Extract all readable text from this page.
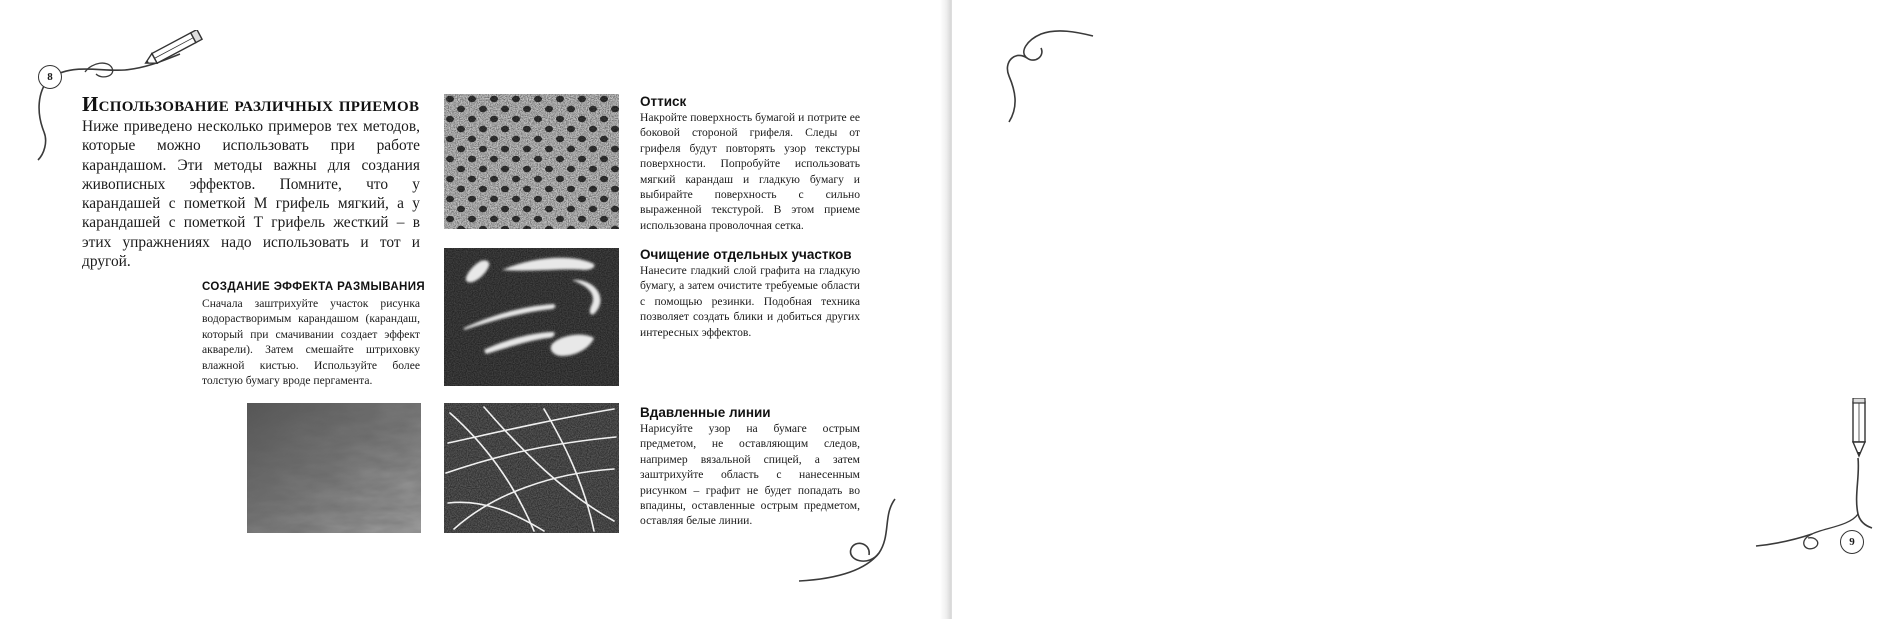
8
Использование различных приемов

Ниже приведено несколько примеров тех методов, которые можно использовать при работе карандашом. Эти методы важны для создания живописных эффектов. Помните, что у карандашей с пометкой М грифель мягкий, а у карандашей с пометкой Т грифель жесткий – в этих упражнениях надо использовать и тот и другой.

СОЗДАНИЕ ЭФФЕКТА РАЗМЫВАНИЯ

Сначала заштрихуйте участок рисунка водорастворимым карандашом (карандаш, который при смачивании создает эффект акварели). Затем смешайте штриховку влажной кистью. Используйте более толстую бумагу вроде пергамента.

Оттиск

Накройте поверхность бумагой и потрите ее боковой стороной грифеля. Следы от грифеля будут повторять узор текстуры поверхности. Попробуйте использовать мягкий карандаш и гладкую бумагу и выбирайте поверхность с сильно выраженной текстурой. В этом приеме использована проволочная сетка.

Очищение отдельных участков

Нанесите гладкий слой графита на гладкую бумагу, а затем очистите требуемые области с помощью резинки. Подобная техника позволяет создать блики и добиться других интересных эффектов.

Вдавленные линии

Нарисуйте узор на бумаге острым предметом, не оставляющим следов, например вязальной спицей, а затем заштрихуйте область с нанесенным рисунком – графит не будет попадать во впадины, оставленные острым предметом, оставляя белые линии.

9
